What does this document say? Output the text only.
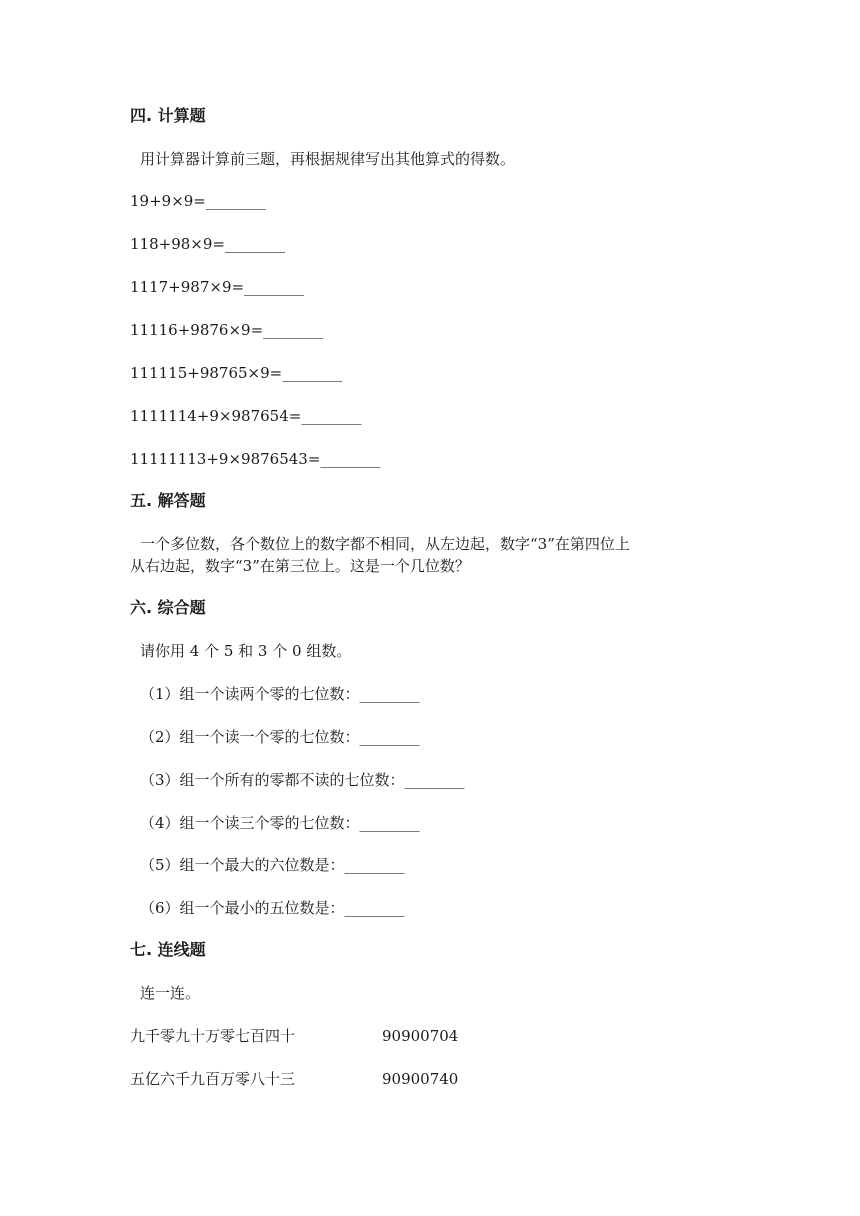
四. 计算题
用计算器计算前三题，再根据规律写出其他算式的得数。
19+9×9=________
118+98×9=________
1117+987×9=________
11116+9876×9=________
111115+98765×9=________
1111114+9×987654=________
11111113+9×9876543=________
五. 解答题
一个多位数，各个数位上的数字都不相同，从左边起，数字“3”在第四位上
从右边起，数字“3”在第三位上。这是一个几位数？
六. 综合题
请你用 4 个 5 和 3 个 0 组数。
（1）组一个读两个零的七位数：________
（2）组一个读一个零的七位数：________
（3）组一个所有的零都不读的七位数：________
（4）组一个读三个零的七位数：________
（5）组一个最大的六位数是：________
（6）组一个最小的五位数是：________
七. 连线题
连一连。
九千零九十万零七百四十	90900704
五亿六千九百万零八十三	90900740
